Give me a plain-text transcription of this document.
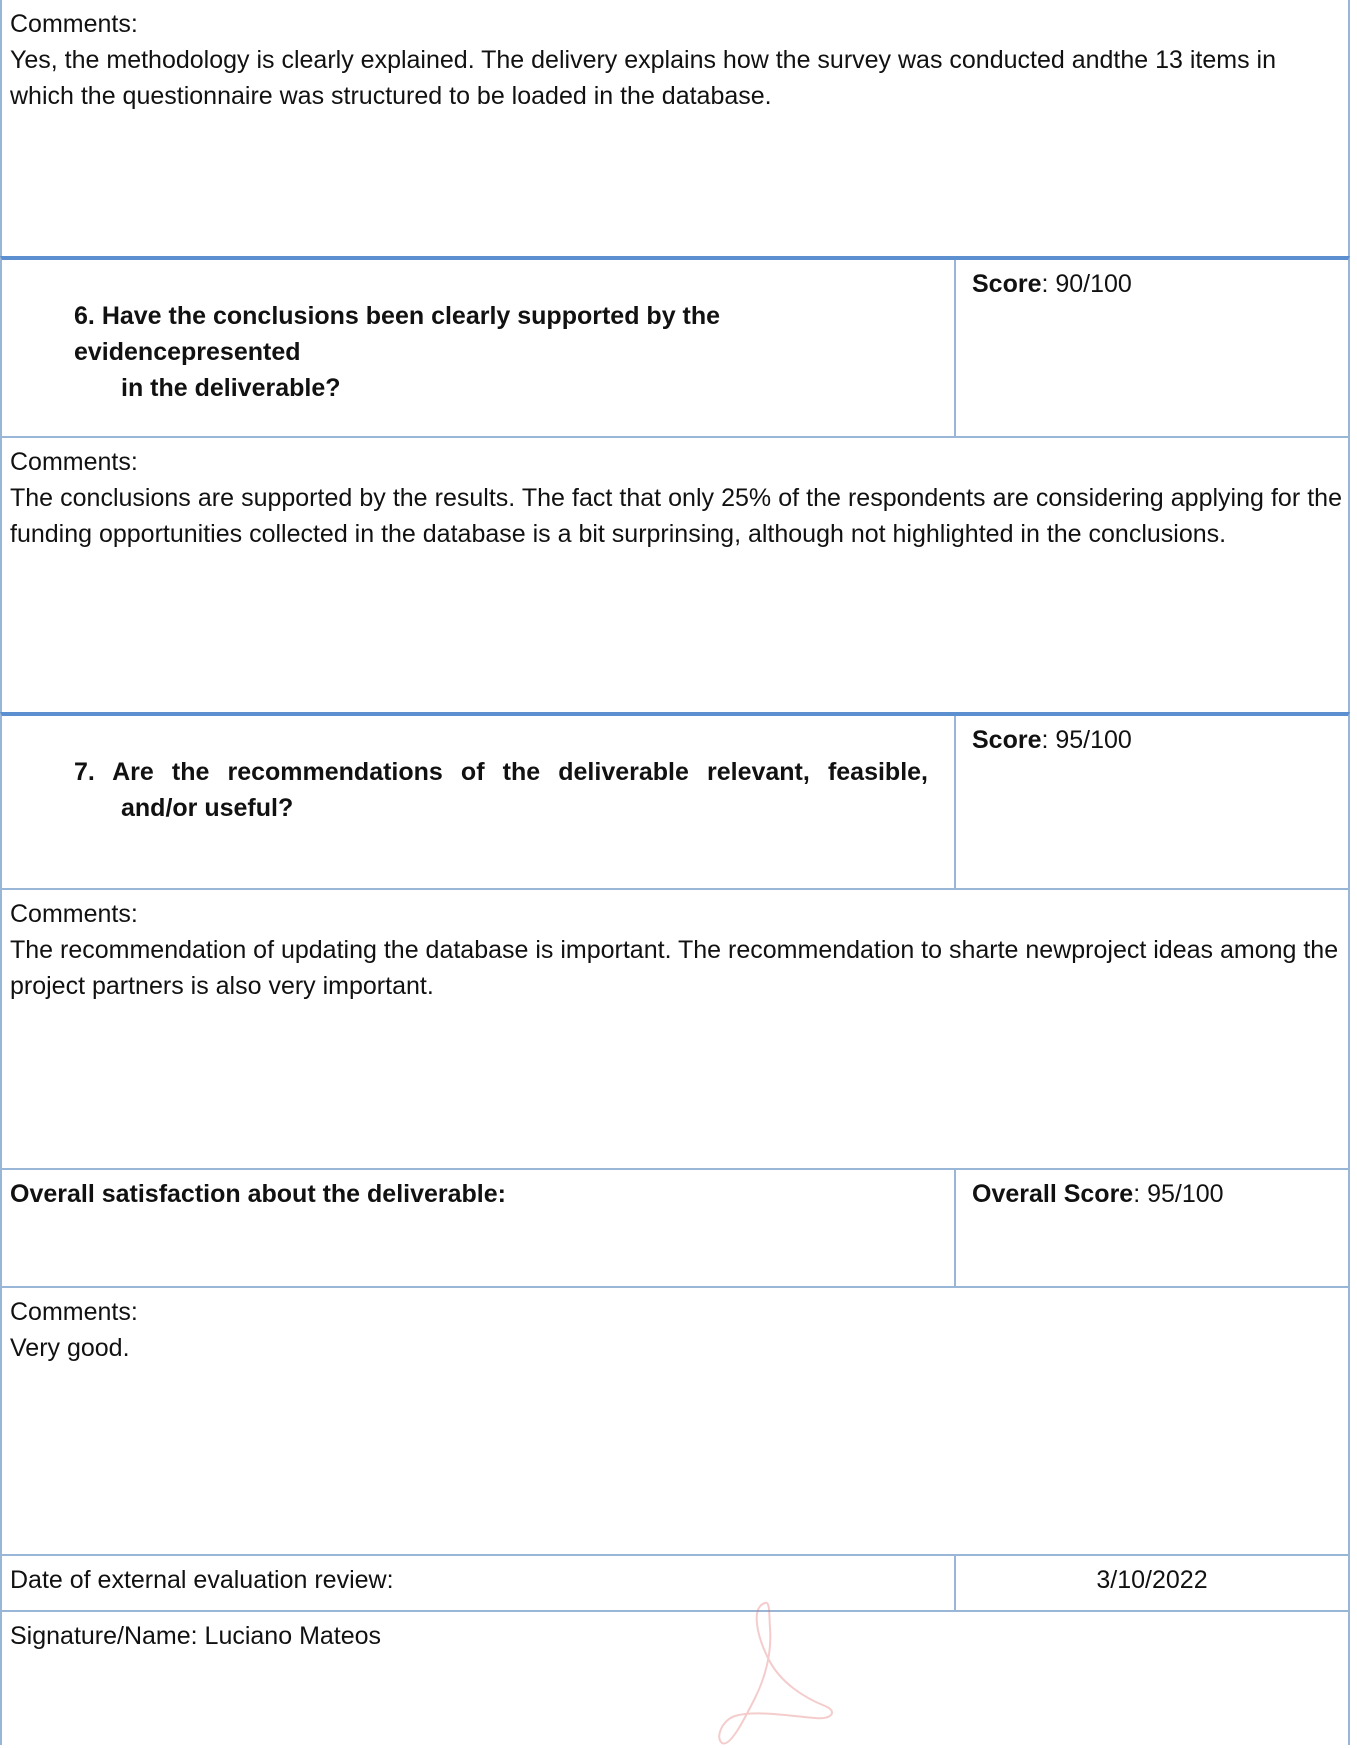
Comments:
Yes, the methodology is clearly explained. The delivery explains how the survey was conducted andthe 13 items in which the questionnaire was structured to be loaded in the database.
6. Have the conclusions been clearly supported by the evidencepresented
in the deliverable?
Score: 90/100
Comments:
The conclusions are supported by the results. The fact that only 25% of the respondents are considering applying for the funding opportunities collected in the database is a bit surprinsing, although not highlighted in the conclusions.
7. Are the recommendations of the deliverable relevant, feasible,
and/or useful?
Score: 95/100
Comments:
The recommendation of updating the database is important. The recommendation to sharte newproject ideas among the project partners is also very important.
Overall satisfaction about the deliverable:	Overall Score: 95/100
Comments:
Very good.
Date of external evaluation review:	3/10/2022
Signature/Name: Luciano Mateos
